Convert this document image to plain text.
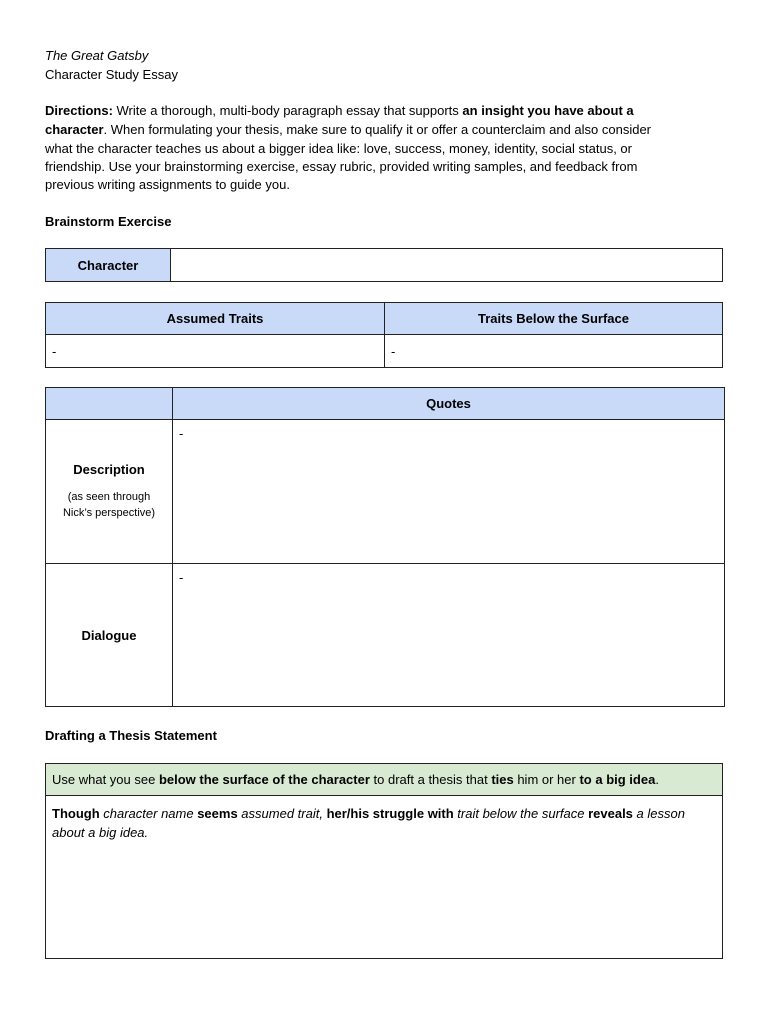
The Great Gatsby
Character Study Essay
Directions: Write a thorough, multi-body paragraph essay that supports an insight you have about a
character. When formulating your thesis, make sure to qualify it or offer a counterclaim and also consider
what the character teaches us about a bigger idea like: love, success, money, identity, social status, or
friendship. Use your brainstorming exercise, essay rubric, provided writing samples, and feedback from
previous writing assignments to guide you.
Brainstorm Exercise
Character	
Assumed Traits	Traits Below the Surface
-	-
	Quotes

Description
(as seen through
Nick’s perspective)	-
Dialogue	-
Drafting a Thesis Statement
Use what you see below the surface of the character to draft a thesis that ties him or her to a big idea.

Though character name seems assumed trait, her/his struggle with trait below the surface reveals a lesson
about a big idea.
